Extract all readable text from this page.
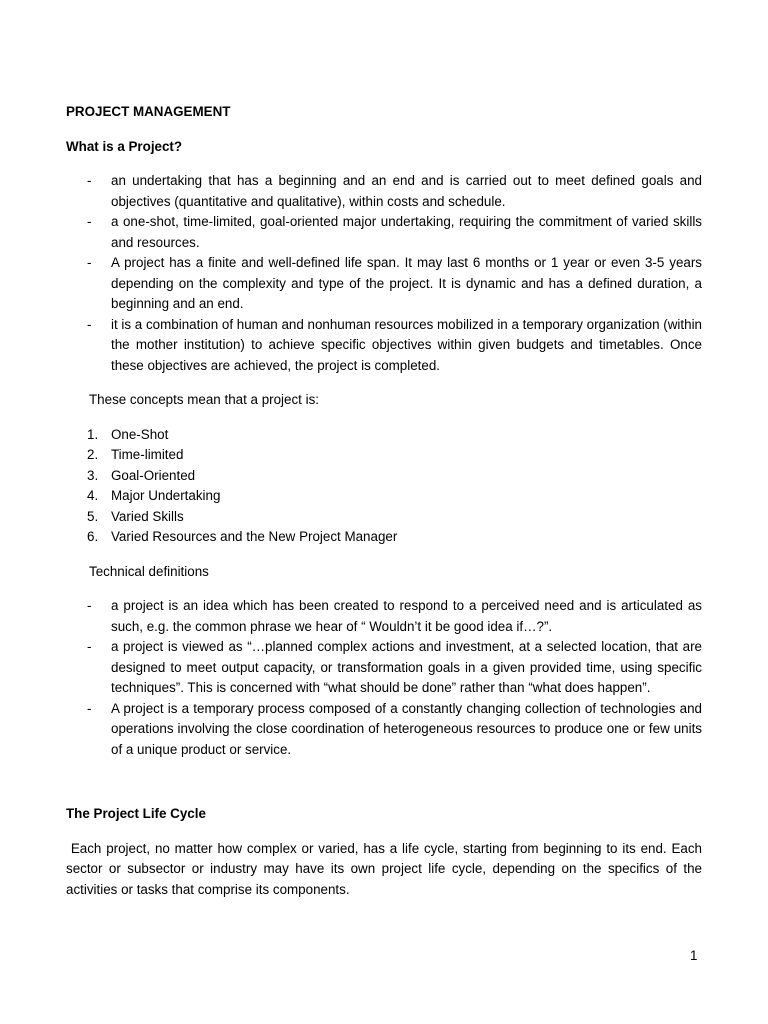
PROJECT MANAGEMENT

What is a Project?

- an undertaking that has a beginning and an end and is carried out to meet defined goals and objectives (quantitative and qualitative), within costs and schedule.
- a one-shot, time-limited, goal-oriented major undertaking, requiring the commitment of varied skills and resources.
- A project has a finite and well-defined life span. It may last 6 months or 1 year or even 3-5 years depending on the complexity and type of the project. It is dynamic and has a defined duration, a beginning and an end.
- it is a combination of human and nonhuman resources mobilized in a temporary organization (within the mother institution) to achieve specific objectives within given budgets and timetables. Once these objectives are achieved, the project is completed.

These concepts mean that a project is:

1. One-Shot
2. Time-limited
3. Goal-Oriented
4. Major Undertaking
5. Varied Skills
6. Varied Resources and the New Project Manager

Technical definitions

- a project is an idea which has been created to respond to a perceived need and is articulated as such, e.g. the common phrase we hear of “ Wouldn’t it be good idea if…?”.
- a project is viewed as “…planned complex actions and investment, at a selected location, that are designed to meet output capacity, or transformation goals in a given provided time, using specific techniques”. This is concerned with “what should be done” rather than “what does happen”.
- A project is a temporary process composed of a constantly changing collection of technologies and operations involving the close coordination of heterogeneous resources to produce one or few units of a unique product or service.

The Project Life Cycle

Each project, no matter how complex or varied, has a life cycle, starting from beginning to its end. Each sector or subsector or industry may have its own project life cycle, depending on the specifics of the activities or tasks that comprise its components.

1
